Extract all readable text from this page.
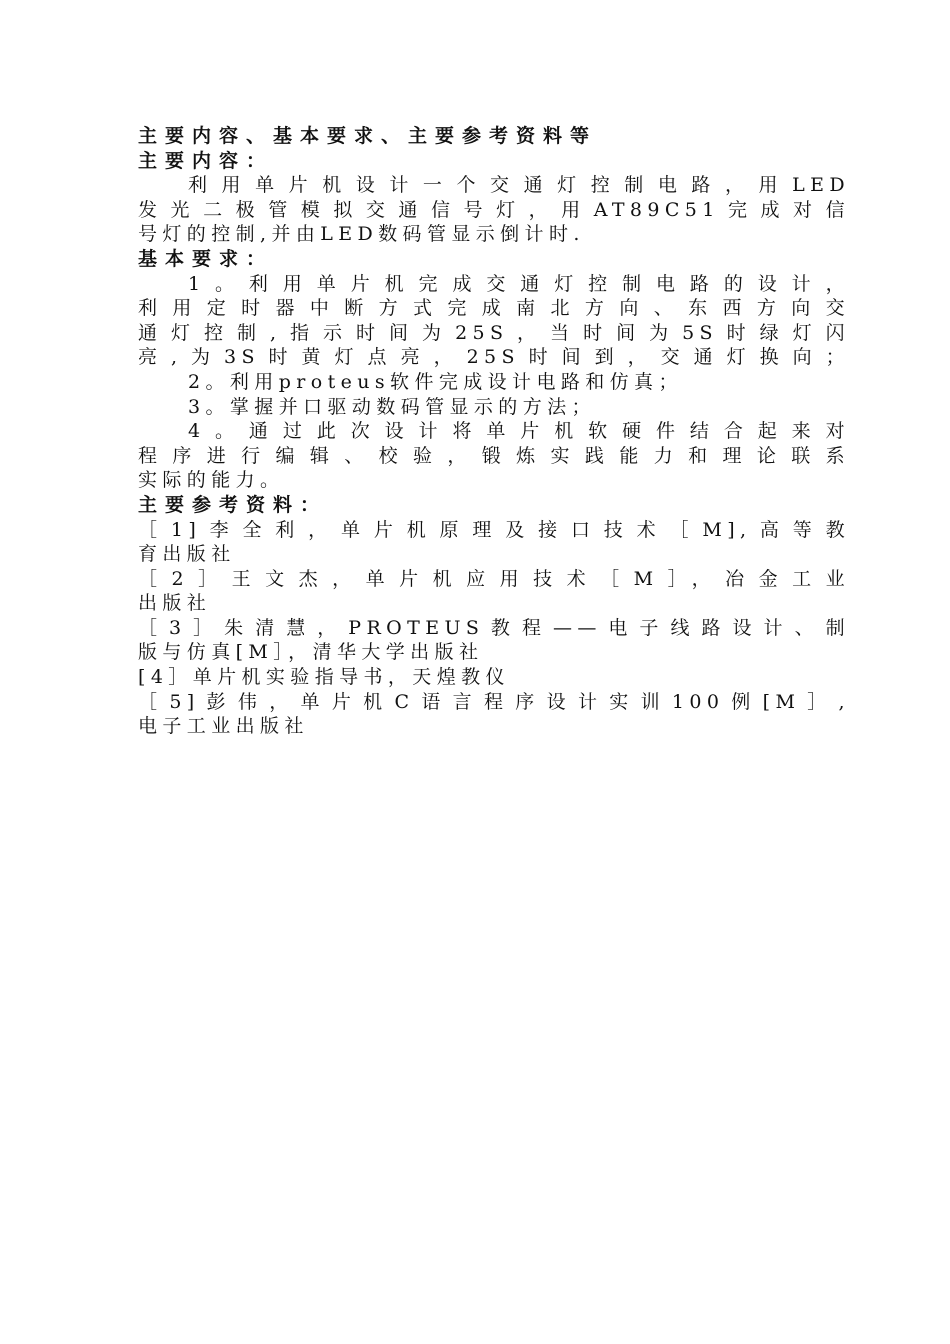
主要内容、基本要求、主要参考资料等
主要内容：
利用单片机设计一个交通灯控制电路，用LED
发光二极管模拟交通信号灯，用AT89C51完成对信
号灯的控制,并由LED数码管显示倒计时.
基本要求：
1。利用单片机完成交通灯控制电路的设计，
利用定时器中断方式完成南北方向、东西方向交
通灯控制,指示时间为25S，当时间为5S时绿灯闪
亮,为3S时黄灯点亮，25S时间到，交通灯换向；
2。利用proteus软件完成设计电路和仿真；
3。掌握并口驱动数码管显示的方法；
4。通过此次设计将单片机软硬件结合起来对
程序进行编辑、校验，锻炼实践能力和理论联系
实际的能力。
主要参考资料：
［1]李全利，单片机原理及接口技术［M],高等教
育出版社
［2］王文杰，单片机应用技术［M］，冶金工业
出版社
［3］朱清慧，PROTEUS教程——电子线路设计、制
版与仿真[M］，清华大学出版社
[4］单片机实验指导书，天煌教仪
［5]彭伟，单片机C语言程序设计实训100例[M］,
电子工业出版社
